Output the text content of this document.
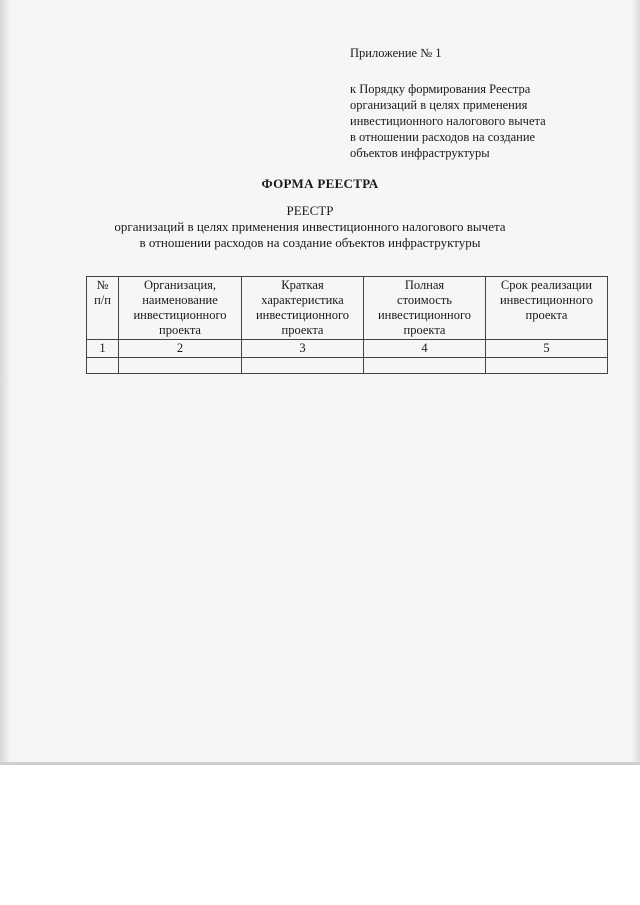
Приложение № 1
к Порядку формирования Реестра
организаций в целях применения
инвестиционного налогового вычета
в отношении расходов на создание
объектов инфраструктуры
ФОРМА РЕЕСТРА
РЕЕСТР
организаций в целях применения инвестиционного налогового вычета
в отношении расходов на создание объектов инфраструктуры
№
п/п	Организация,
наименование
инвестиционного
проекта	Краткая
характеристика
инвестиционного
проекта	Полная
стоимость
инвестиционного
проекта	Срок реализации
инвестиционного
проекта

1	2	3	4	5
